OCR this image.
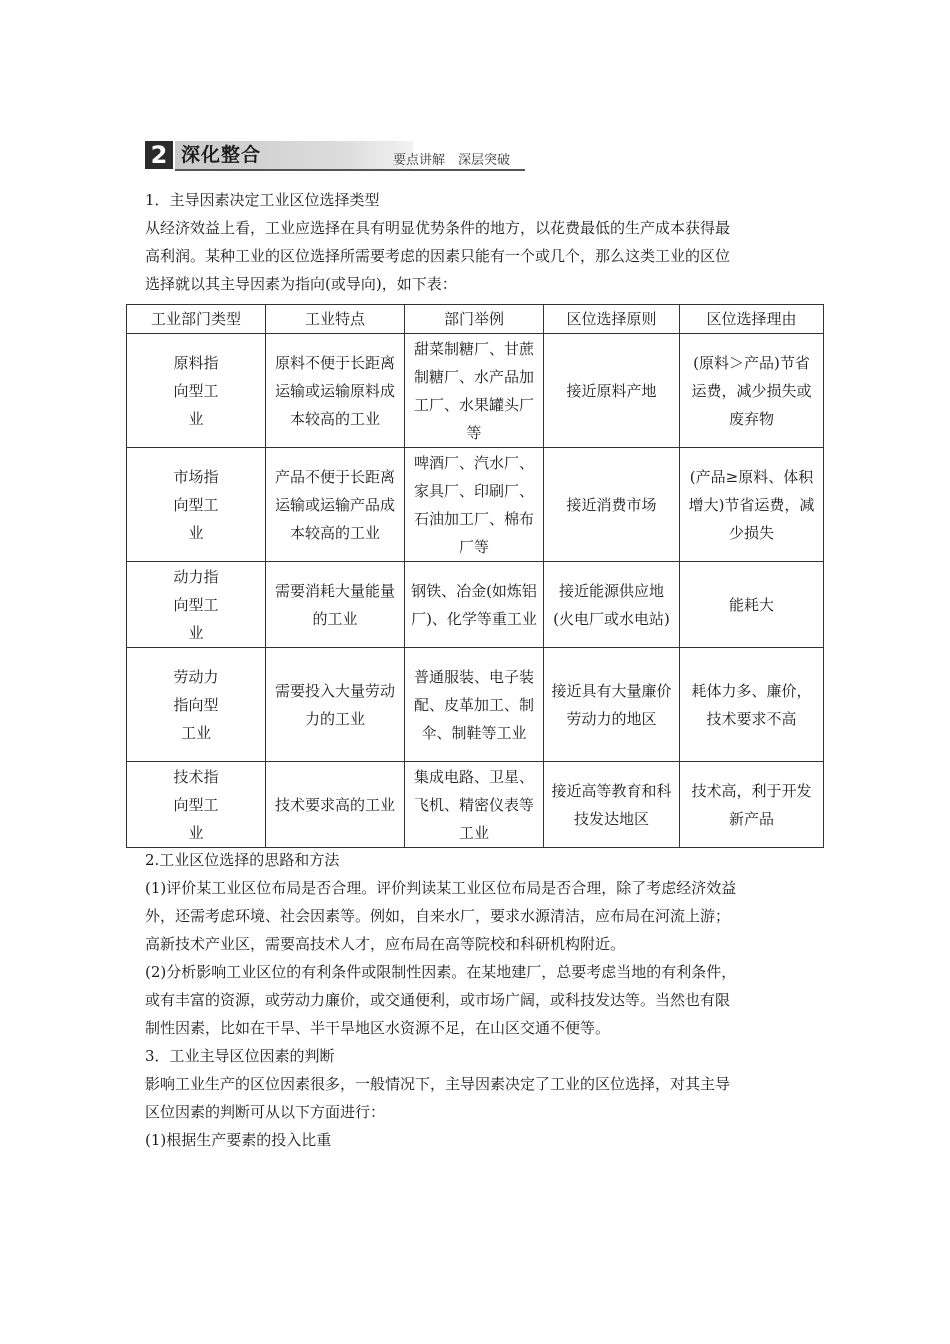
2 深化整合	要点讲解　深层突破
1．主导因素决定工业区位选择类型
从经济效益上看，工业应选择在具有明显优势条件的地方，以花费最低的生产成本获得最
高利润。某种工业的区位选择所需要考虑的因素只能有一个或几个，那么这类工业的区位
选择就以其主导因素为指向(或导向)，如下表：
工业部门类型	工业特点	部门举例	区位选择原则	区位选择理由

原料指向型工业	原料不便于长距离运输或运输原料成本较高的工业	甜菜制糖厂、甘蔗制糖厂、水产品加工厂、水果罐头厂等	接近原料产地	(原料＞产品)节省运费，减少损失或废弃物

市场指向型工业	产品不便于长距离运输或运输产品成本较高的工业	啤酒厂、汽水厂、家具厂、印刷厂、石油加工厂、棉布厂等	接近消费市场	(产品≥原料、体积增大)节省运费，减少损失

动力指向型工业	需要消耗大量能量的工业	钢铁、冶金(如炼铝厂)、化学等重工业	接近能源供应地(火电厂或水电站)	能耗大

劳动力指向型工业	需要投入大量劳动力的工业	普通服装、电子装配、皮革加工、制伞、制鞋等工业	接近具有大量廉价劳动力的地区	耗体力多、廉价，技术要求不高

技术指向型工业	技术要求高的工业	集成电路、卫星、飞机、精密仪表等工业	接近高等教育和科技发达地区	技术高，利于开发新产品
2.工业区位选择的思路和方法
(1)评价某工业区位布局是否合理。评价判读某工业区位布局是否合理，除了考虑经济效益
外，还需考虑环境、社会因素等。例如，自来水厂，要求水源清洁，应布局在河流上游；
高新技术产业区，需要高技术人才，应布局在高等院校和科研机构附近。
(2)分析影响工业区位的有利条件或限制性因素。在某地建厂，总要考虑当地的有利条件，
或有丰富的资源，或劳动力廉价，或交通便利，或市场广阔，或科技发达等。当然也有限
制性因素，比如在干旱、半干旱地区水资源不足，在山区交通不便等。
3．工业主导区位因素的判断
影响工业生产的区位因素很多，一般情况下，主导因素决定了工业的区位选择，对其主导
区位因素的判断可从以下方面进行：
(1)根据生产要素的投入比重
